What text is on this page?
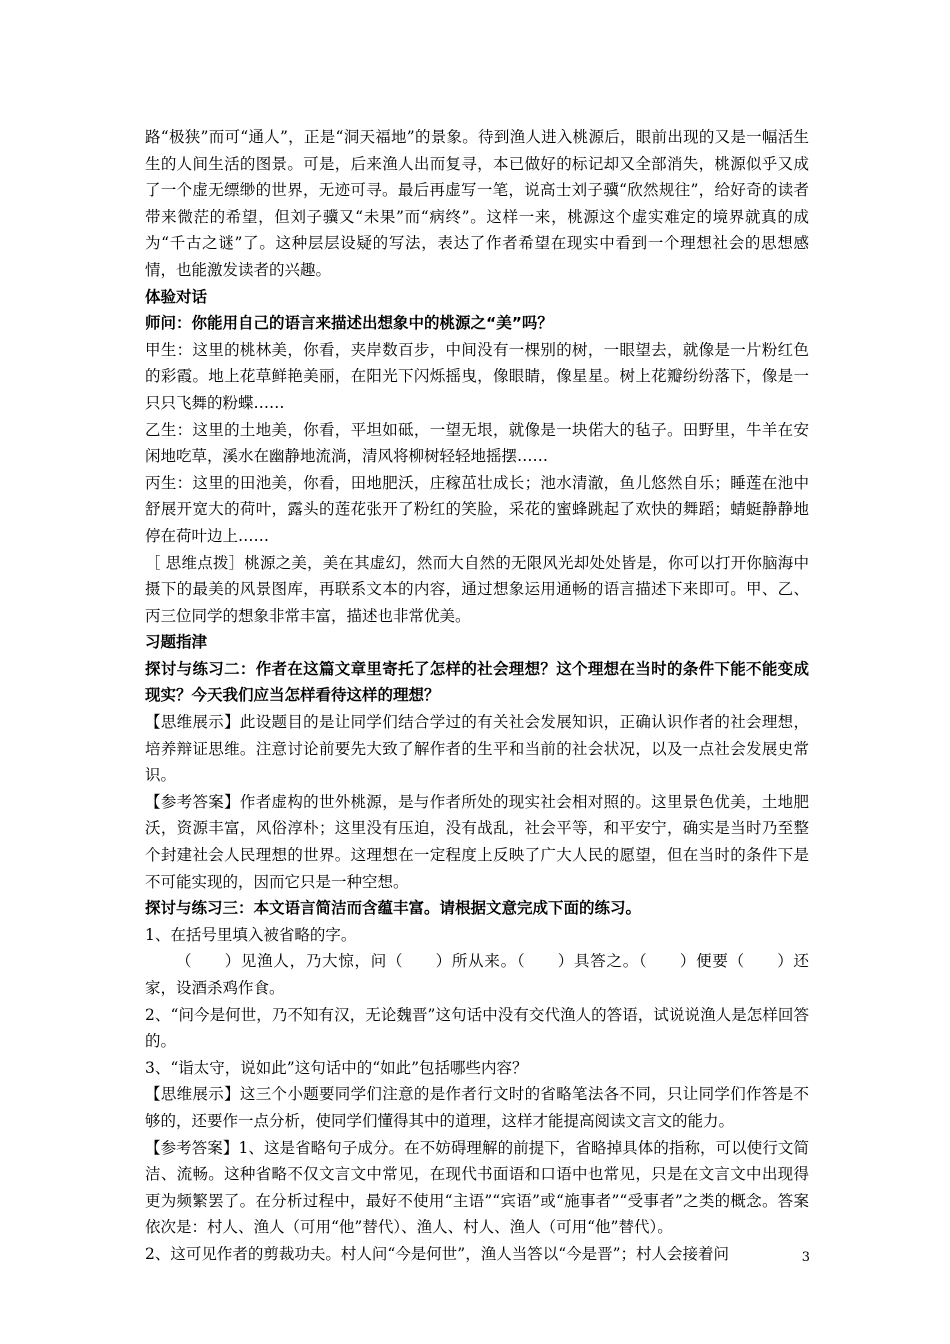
路“极狭”而可“通人”，正是“洞天福地”的景象。待到渔人进入桃源后，眼前出现的又是一幅活生生的人间生活的图景。可是，后来渔人出而复寻，本已做好的标记却又全部消失，桃源似乎又成了一个虚无缥缈的世界，无迹可寻。最后再虚写一笔，说高士刘子骥“欣然规往”，给好奇的读者带来微茫的希望，但刘子骥又“未果”而“病终”。这样一来，桃源这个虚实难定的境界就真的成为“千古之谜”了。这种层层设疑的写法，表达了作者希望在现实中看到一个理想社会的思想感情，也能激发读者的兴趣。

体验对话

师问：你能用自己的语言来描述出想象中的桃源之“美”吗？

甲生：这里的桃林美，你看，夹岸数百步，中间没有一棵别的树，一眼望去，就像是一片粉红色的彩霞。地上花草鲜艳美丽，在阳光下闪烁摇曳，像眼睛，像星星。树上花瓣纷纷落下，像是一只只飞舞的粉蝶……

乙生：这里的土地美，你看，平坦如砥，一望无垠，就像是一块偌大的毡子。田野里，牛羊在安闲地吃草，溪水在幽静地流淌，清风将柳树轻轻地摇摆……

丙生：这里的田池美，你看，田地肥沃，庄稼茁壮成长；池水清澈，鱼儿悠然自乐；睡莲在池中舒展开宽大的荷叶，露头的莲花张开了粉红的笑脸，采花的蜜蜂跳起了欢快的舞蹈；蜻蜓静静地停在荷叶边上……

［ 思维点拨］桃源之美，美在其虚幻，然而大自然的无限风光却处处皆是，你可以打开你脑海中摄下的最美的风景图库，再联系文本的内容，通过想象运用通畅的语言描述下来即可。甲、乙、丙三位同学的想象非常丰富，描述也非常优美。

习题指津

探讨与练习二：作者在这篇文章里寄托了怎样的社会理想？这个理想在当时的条件下能不能变成现实？今天我们应当怎样看待这样的理想？

【思维展示】此设题目的是让同学们结合学过的有关社会发展知识，正确认识作者的社会理想，培养辩证思维。注意讨论前要先大致了解作者的生平和当前的社会状况，以及一点社会发展史常识。

【参考答案】作者虚构的世外桃源，是与作者所处的现实社会相对照的。这里景色优美，土地肥沃，资源丰富，风俗淳朴；这里没有压迫，没有战乱，社会平等，和平安宁，确实是当时乃至整个封建社会人民理想的世界。这理想在一定程度上反映了广大人民的愿望，但在当时的条件下是不可能实现的，因而它只是一种空想。

探讨与练习三：本文语言简洁而含蕴丰富。请根据文意完成下面的练习。

1、在括号里填入被省略的字。

（　　）见渔人，乃大惊，问（　　）所从来。（　　）具答之。（　　）便要（　　）还家，设酒杀鸡作食。

2、“问今是何世，乃不知有汉，无论魏晋”这句话中没有交代渔人的答语，试说说渔人是怎样回答的。

3、“诣太守，说如此”这句话中的“如此”包括哪些内容？

【思维展示】这三个小题要同学们注意的是作者行文时的省略笔法各不同，只让同学们作答是不够的，还要作一点分析，使同学们懂得其中的道理，这样才能提高阅读文言文的能力。

【参考答案】1、这是省略句子成分。在不妨碍理解的前提下，省略掉具体的指称，可以使行文简洁、流畅。这种省略不仅文言文中常见，在现代书面语和口语中也常见，只是在文言文中出现得更为频繁罢了。在分析过程中，最好不使用“主语”“宾语”或“施事者”“受事者”之类的概念。答案依次是：村人、渔人（可用“他”替代）、渔人、村人、渔人（可用“他”替代）。

2、这可见作者的剪裁功夫。村人问“今是何世”，渔人当答以“今是晋”；村人会接着问	3
